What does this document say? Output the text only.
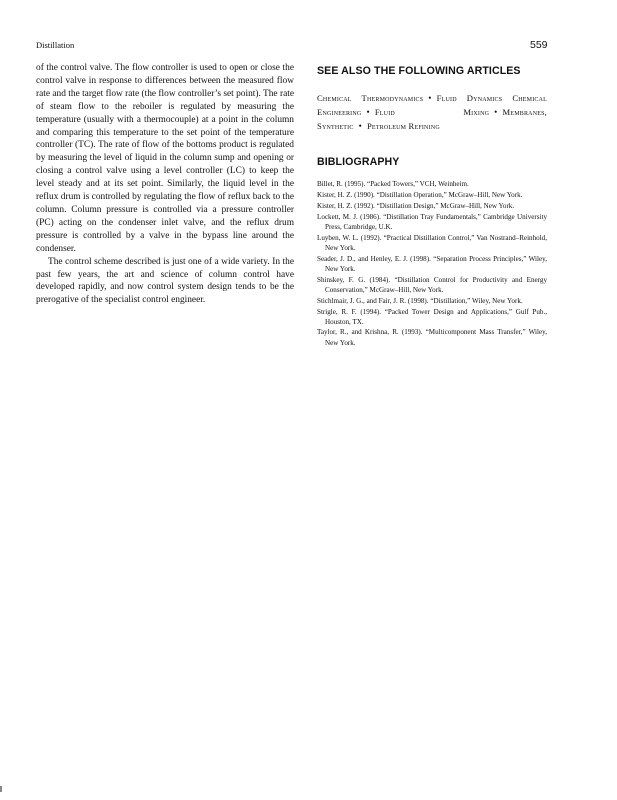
Distillation	559

of the control valve. The flow controller is used to open or close the control valve in response to differences between the measured flow rate and the target flow rate (the flow controller’s set point). The rate of steam flow to the reboiler is regulated by measuring the temperature (usually with a thermocouple) at a point in the column and comparing this temperature to the set point of the temperature controller (TC). The rate of flow of the bottoms product is regulated by measuring the level of liquid in the column sump and opening or closing a control valve using a level controller (LC) to keep the level steady and at its set point. Similarly, the liquid level in the reflux drum is controlled by regulating the flow of reflux back to the column. Column pressure is controlled via a pressure controller (PC) acting on the condenser inlet valve, and the reflux drum pressure is controlled by a valve in the bypass line around the condenser.

The control scheme described is just one of a wide variety. In the past few years, the art and science of column control have developed rapidly, and now control system design tends to be the prerogative of the specialist control engineer.

SEE ALSO THE FOLLOWING ARTICLES

Chemical Thermodynamics • Fluid Dynamics Chemical Engineering • Fluid Mixing • Membranes, Synthetic • Petroleum Refining

BIBLIOGRAPHY
Billet, R. (1995). “Packed Towers,” VCH, Weinheim.
Kister, H. Z. (1990). “Distillation Operation,” McGraw–Hill, New York.
Kister, H. Z. (1992). “Distillation Design,” McGraw–Hill, New York.
Lockett, M. J. (1986). “Distillation Tray Fundamentals,” Cambridge University Press, Cambridge, U.K.
Luyben, W. L. (1992). “Practical Distillation Control,” Van Nostrand–Reinhold, New York.
Seader, J. D., and Henley, E. J. (1998). “Separation Process Principles,” Wiley, New York.
Shinskey, F. G. (1984). “Distillation Control for Productivity and Energy Conservation,” McGraw–Hill, New York.
Stichlmair, J. G., and Fair, J. R. (1998). “Distillation,” Wiley, New York.
Strigle, R. F. (1994). “Packed Tower Design and Applications,” Gulf Pub., Houston, TX.
Taylor, R., and Krishna, R. (1993). “Multicomponent Mass Transfer,” Wiley, New York.
